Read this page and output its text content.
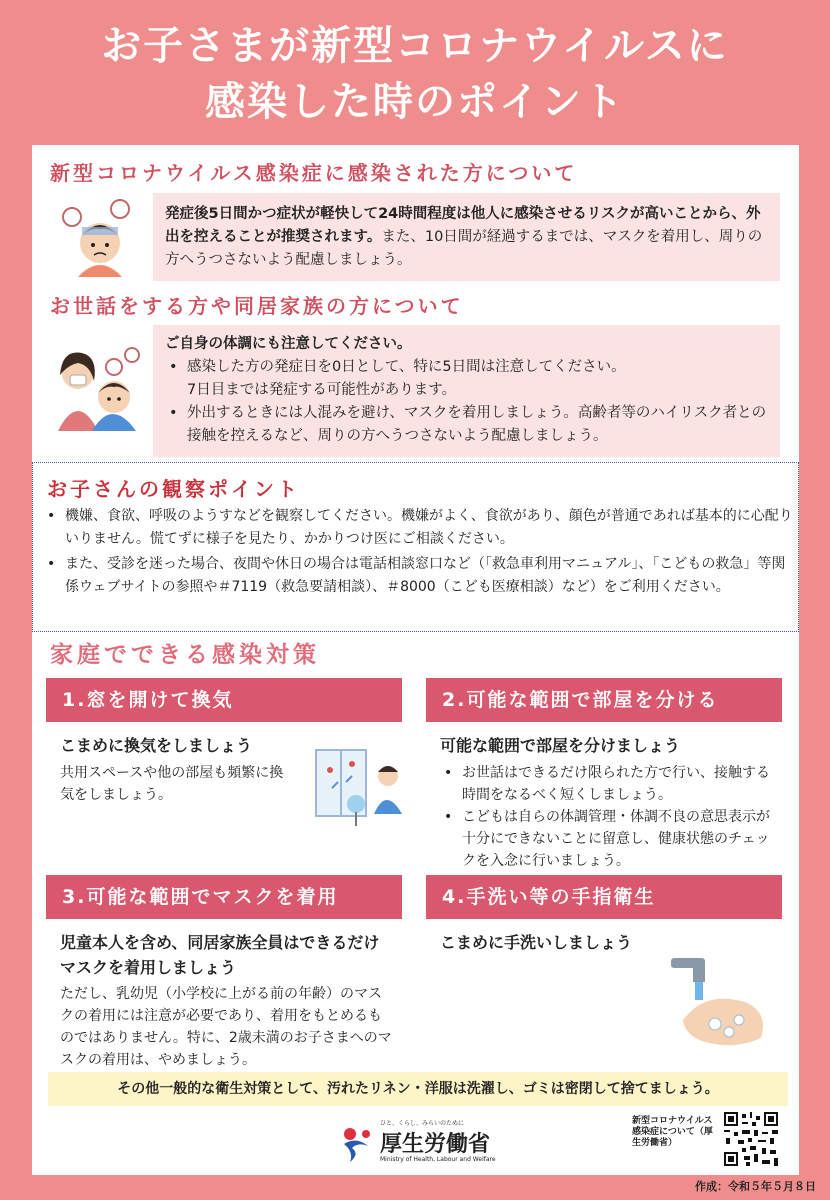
お子さまが新型コロナウイルスに
感染した時のポイント
新型コロナウイルス感染症に感染された方について
発症後5日間かつ症状が軽快して24時間程度は他人に感染させるリスクが高いことから、外出を控えることが推奨されます。また、10日間が経過するまでは、マスクを着用し、周りの方へうつさないよう配慮しましょう。
お世話をする方や同居家族の方について
ご自身の体調にも注意してください。
• 感染した方の発症日を0日として、特に5日間は注意してください。
7日目までは発症する可能性があります。
• 外出するときには人混みを避け、マスクを着用しましょう。高齢者等のハイリスク者との接触を控えるなど、周りの方へうつさないよう配慮しましょう。
お子さんの観察ポイント
• 機嫌、食欲、呼吸のようすなどを観察してください。機嫌がよく、食欲があり、顔色が普通であれば基本的に心配りいりません。慌てずに様子を見たり、かかりつけ医にご相談ください。
• また、受診を迷った場合、夜間や休日の場合は電話相談窓口など（「救急車利用マニュアル」、「こどもの救急」等関係ウェブサイトの参照や＃7119（救急要請相談）、＃8000（こども医療相談）など）をご利用ください。
家庭でできる感染対策
1.窓を開けて換気
こまめに換気をしましょう
共用スペースや他の部屋も頻繁に換気をしましょう。
2.可能な範囲で部屋を分ける
可能な範囲で部屋を分けましょう
• お世話はできるだけ限られた方で行い、接触する時間をなるべく短くしましょう。
• こどもは自らの体調管理・体調不良の意思表示が十分にできないことに留意し、健康状態のチェックを入念に行いましょう。
3.可能な範囲でマスクを着用
児童本人を含め、同居家族全員はできるだけマスクを着用しましょう
ただし、乳幼児（小学校に上がる前の年齢）のマスクの着用には注意が必要であり、着用をもとめるものではありません。特に、2歳未満のお子さまへのマスクの着用は、やめましょう。
4.手洗い等の手指衛生
こまめに手洗いしましょう
その他一般的な衛生対策として、汚れたリネン・洋服は洗濯し、ゴミは密閉して捨てましょう。
ひと、くらし、みらいのために
厚生労働省
Ministry of Health, Labour and Welfare
新型コロナウイルス感染症について（厚生労働省）
作成：令和５年５月８日
